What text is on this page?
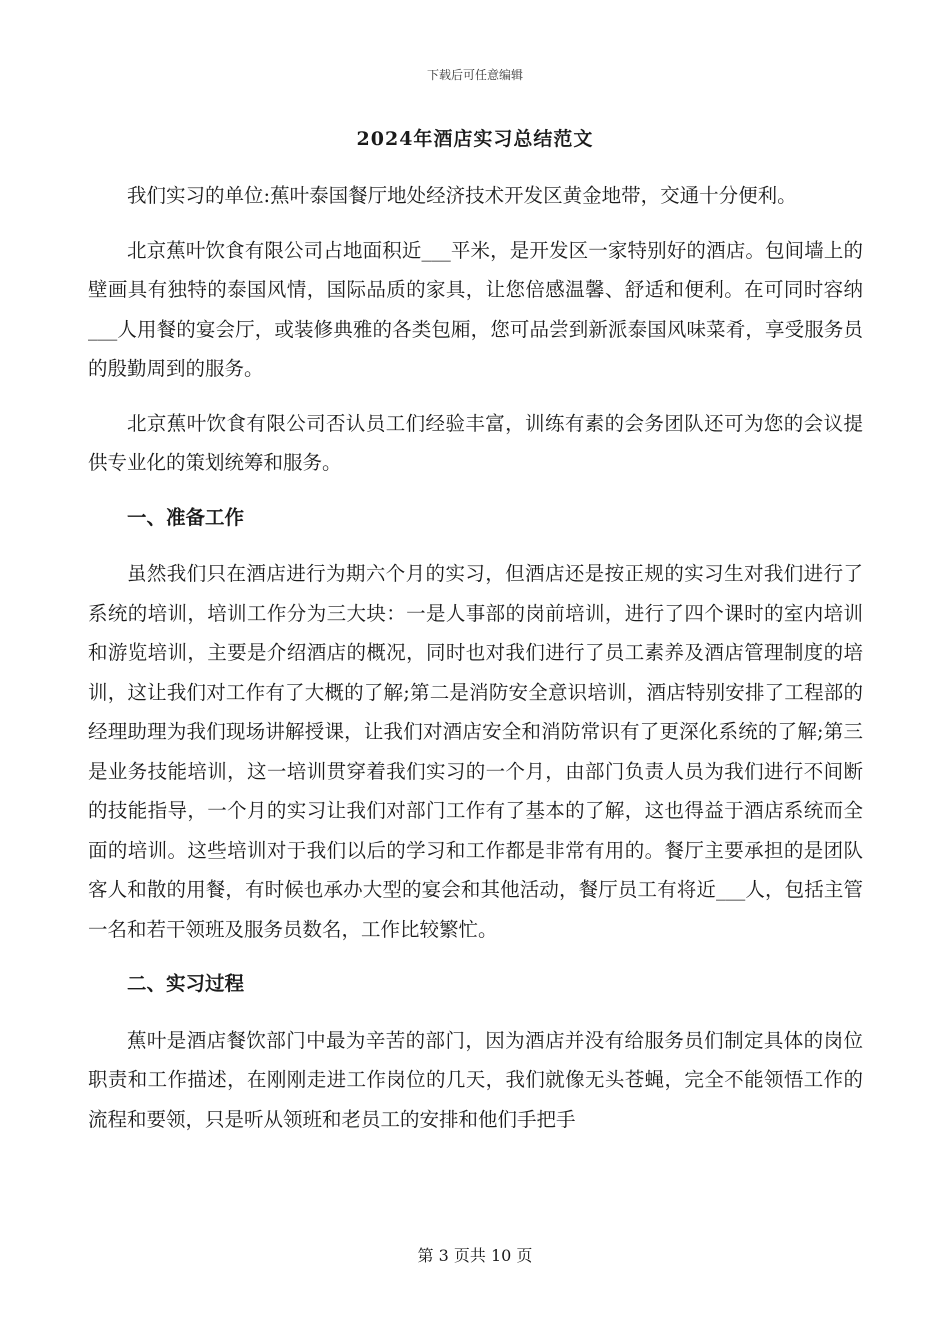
下载后可任意编辑
2024年酒店实习总结范文

我们实习的单位:蕉叶泰国餐厅地处经济技术开发区黄金地带，交通十分便利。

北京蕉叶饮食有限公司占地面积近___平米，是开发区一家特别好的酒店。包间墙上的壁画具有独特的泰国风情，国际品质的家具，让您倍感温馨、舒适和便利。在可同时容纳___人用餐的宴会厅，或装修典雅的各类包厢，您可品尝到新派泰国风味菜肴，享受服务员的殷勤周到的服务。

北京蕉叶饮食有限公司否认员工们经验丰富，训练有素的会务团队还可为您的会议提供专业化的策划统筹和服务。

一、准备工作

虽然我们只在酒店进行为期六个月的实习，但酒店还是按正规的实习生对我们进行了系统的培训，培训工作分为三大块：一是人事部的岗前培训，进行了四个课时的室内培训和游览培训，主要是介绍酒店的概况，同时也对我们进行了员工素养及酒店管理制度的培训，这让我们对工作有了大概的了解;第二是消防安全意识培训，酒店特别安排了工程部的经理助理为我们现场讲解授课，让我们对酒店安全和消防常识有了更深化系统的了解;第三是业务技能培训，这一培训贯穿着我们实习的一个月，由部门负责人员为我们进行不间断的技能指导，一个月的实习让我们对部门工作有了基本的了解，这也得益于酒店系统而全面的培训。这些培训对于我们以后的学习和工作都是非常有用的。餐厅主要承担的是团队客人和散的用餐，有时候也承办大型的宴会和其他活动，餐厅员工有将近___人，包括主管一名和若干领班及服务员数名，工作比较繁忙。

二、实习过程

蕉叶是酒店餐饮部门中最为辛苦的部门，因为酒店并没有给服务员们制定具体的岗位职责和工作描述，在刚刚走进工作岗位的几天，我们就像无头苍蝇，完全不能领悟工作的流程和要领，只是听从领班和老员工的安排和他们手把手

第 3 页共 10 页
